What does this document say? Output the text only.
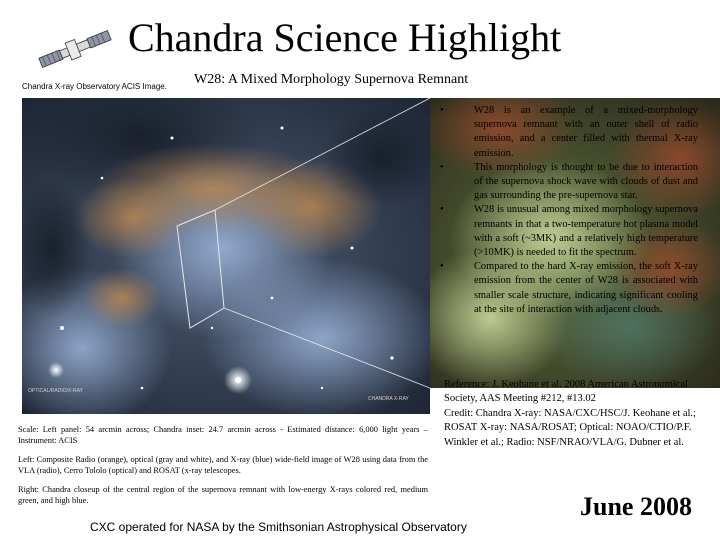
Chandra Science Highlight
Chandra X-ray Observatory ACIS Image. W28: A Mixed Morphology Supernova Remnant
OPTICAL/RADIO/X-RAY
CHANDRA X-RAY
• W28 is an example of a mixed-morphology supernova remnant with an outer shell of radio emission, and a center filled with thermal X-ray emission.
• This morphology is thought to be due to interaction of the supernova shock wave with clouds of dust and gas surrounding the pre-supernova star.
• W28 is unusual among mixed morphology supernova remnants in that a two-temperature hot plasma model with a soft (~3MK) and a relatively high temperature (>10MK) is needed to fit the spectrum.
• Compared to the hard X-ray emission, the soft X-ray emission from the center of W28 is associated with smaller scale structure, indicating significant cooling at the site of interaction with adjacent clouds.
Reference: J. Keohane et al. 2008 American Astronomical Society, AAS Meeting #212, #13.02
Credit: Chandra X-ray: NASA/CXC/HSC/J. Keohane et al.; ROSAT X-ray: NASA/ROSAT; Optical: NOAO/CTIO/P.F. Winkler et al.; Radio: NSF/NRAO/VLA/G. Dubner et al.
Scale: Left panel: 54 arcmin across; Chandra inset: 24.7 arcmin across - Estimated distance: 6,000 light years – Instrument: ACIS
Left: Composite Radio (orange), optical (gray and white), and X-ray (blue) wide-field image of W28 using data from the VLA (radio), Cerro Tololo (optical) and ROSAT (x-ray telescopes.
Right: Chandra closeup of the central region of the supernova remnant with low-energy X-rays colored red, medium green, and high blue.
CXC operated for NASA by the Smithsonian Astrophysical Observatory
June 2008
